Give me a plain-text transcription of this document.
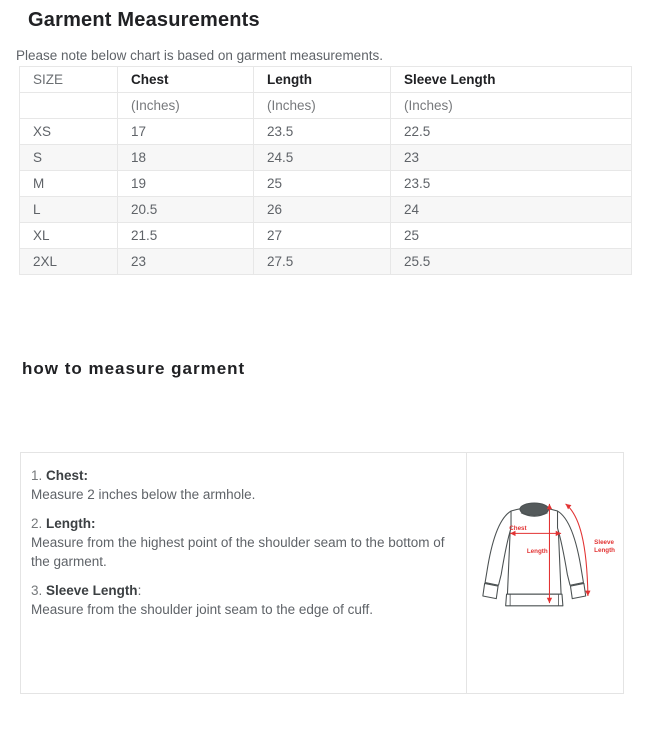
Garment Measurements

Please note below chart is based on garment measurements.

SIZE	Chest	Length	Sleeve Length
	(Inches)	(Inches)	(Inches)
XS	17	23.5	22.5
S	18	24.5	23
M	19	25	23.5
L	20.5	26	24
XL	21.5	27	25
2XL	23	27.5	25.5
how to measure garment
1. Chest:
Measure 2 inches below the armhole.
2. Length:
Measure from the highest point of the shoulder seam to the bottom of the garment.
3. Sleeve Length:
Measure from the shoulder joint seam to the edge of cuff.
Chest
Length
Sleeve
Length
